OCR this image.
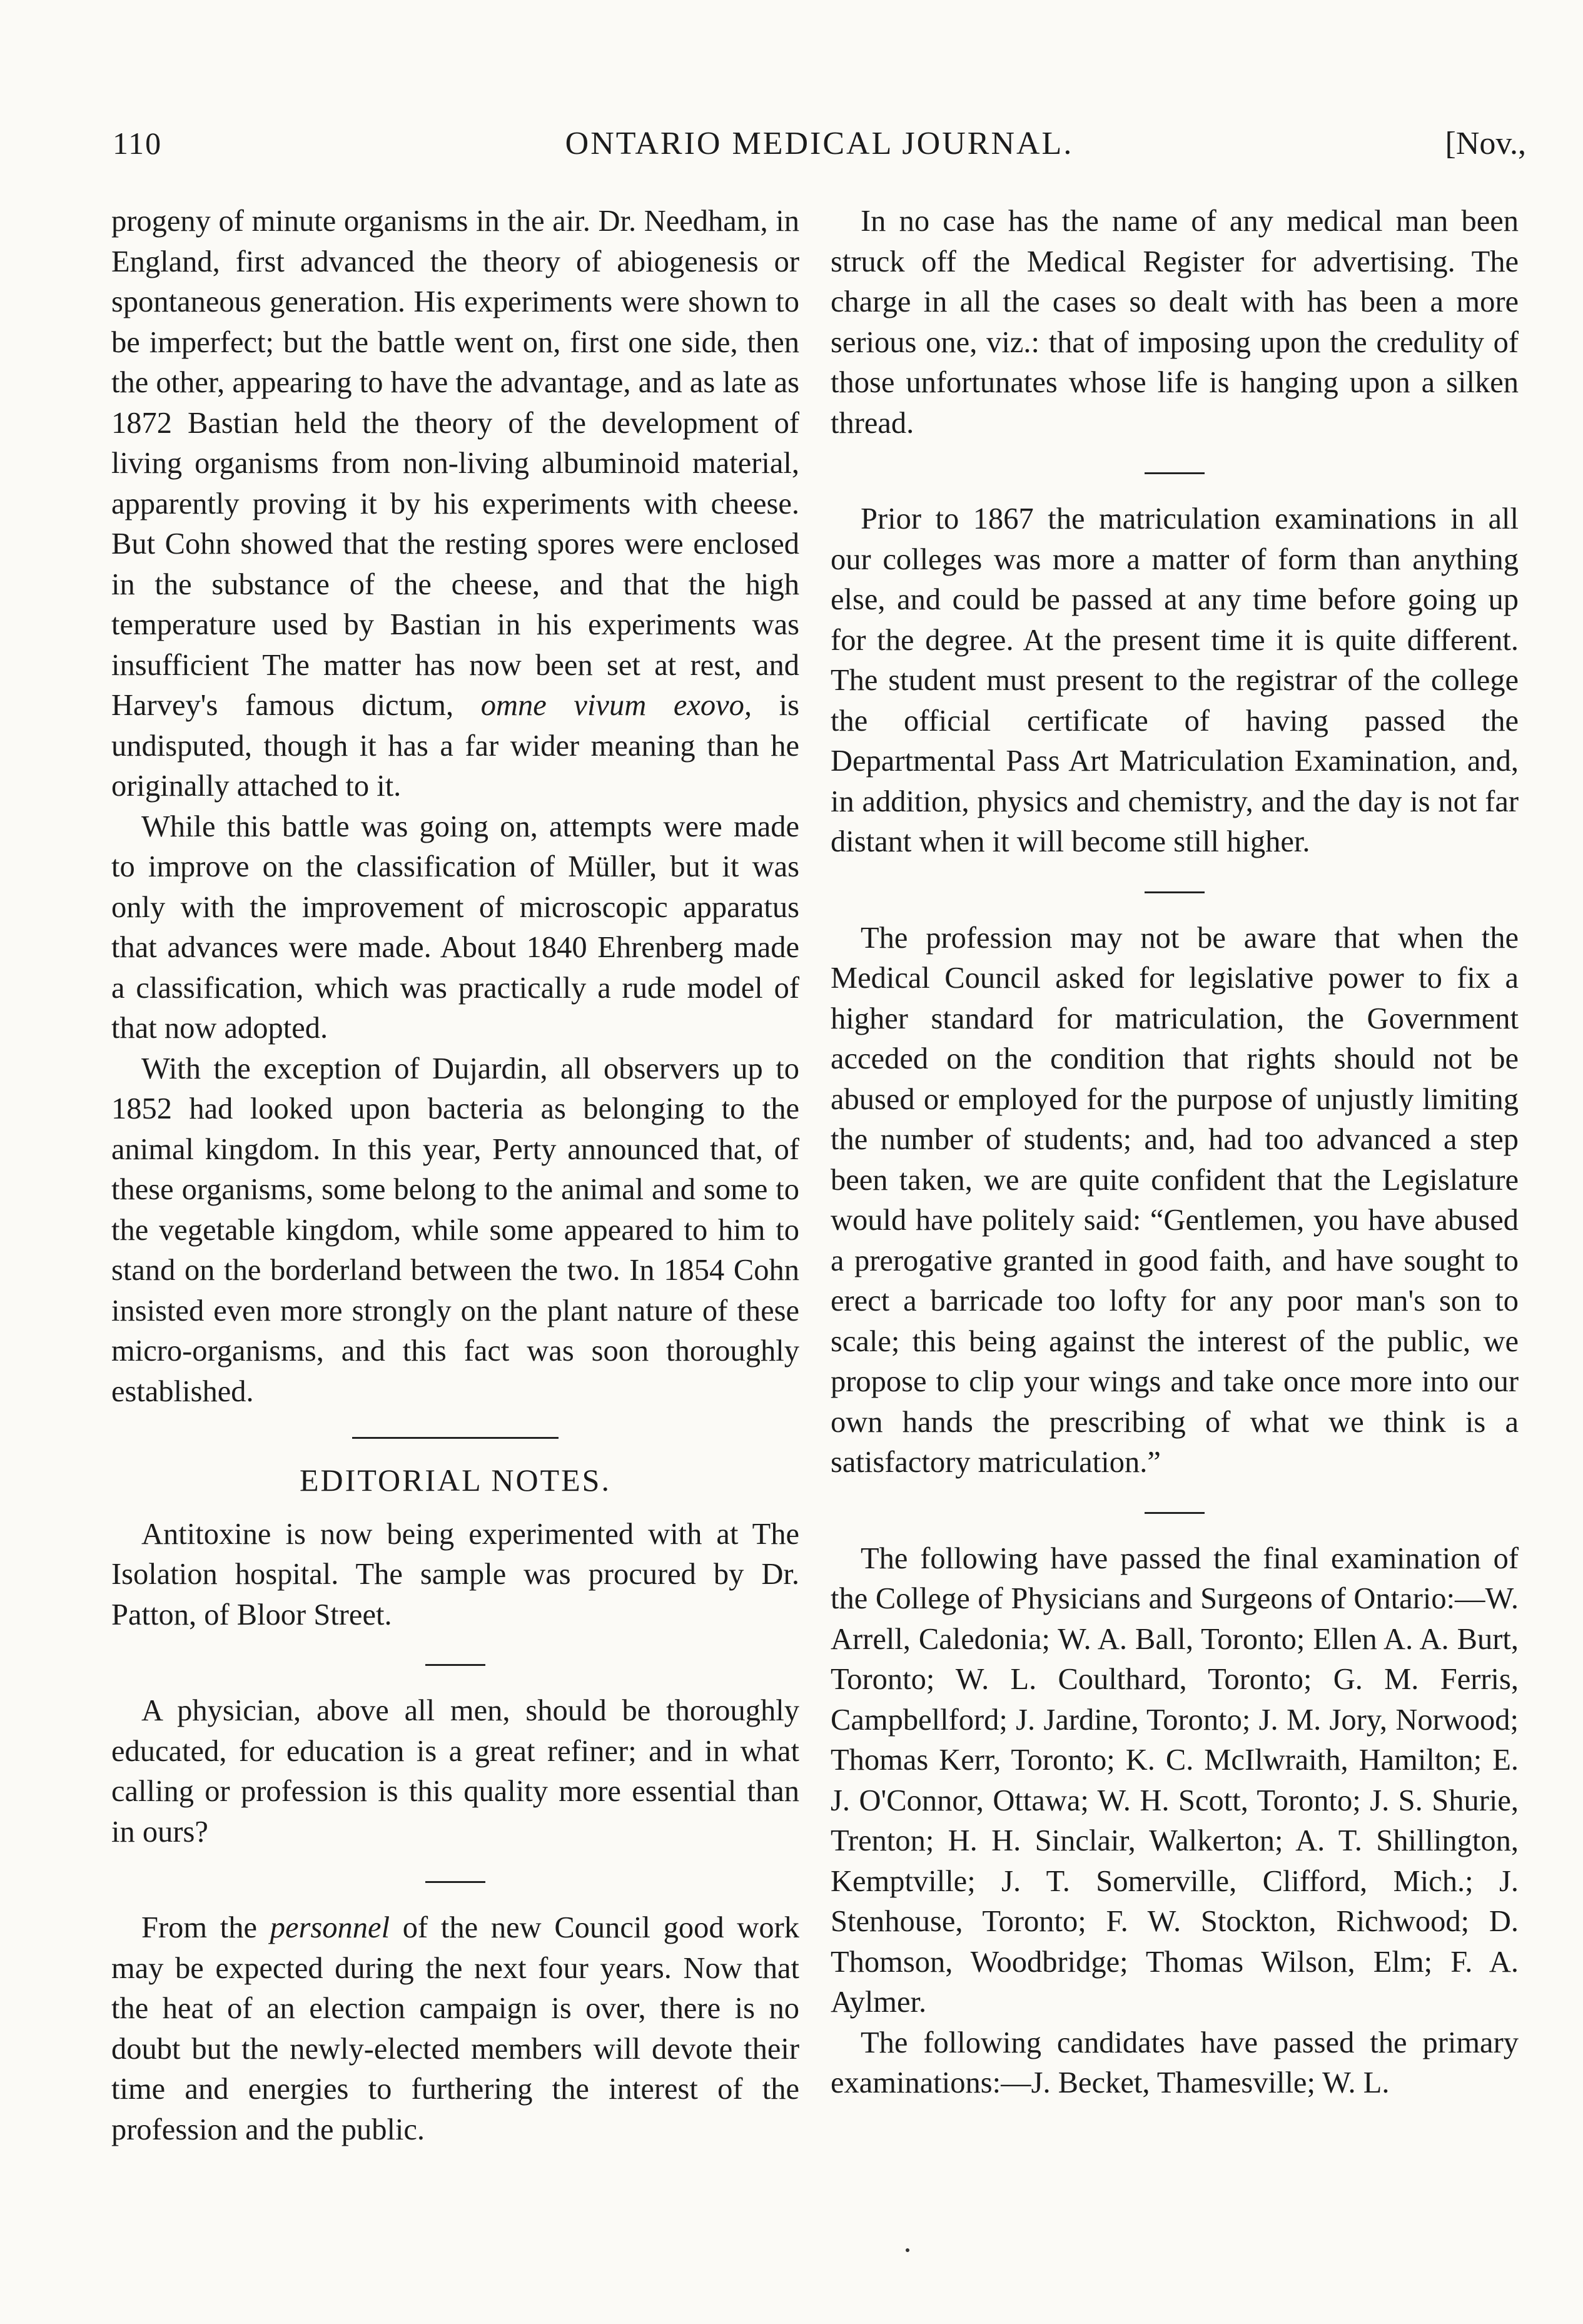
110	ONTARIO MEDICAL JOURNAL.	[Nov.,

progeny of minute organisms in the air. Dr. Needham, in England, first advanced the theory of abiogenesis or spontaneous generation. His experiments were shown to be imperfect; but the battle went on, first one side, then the other, appearing to have the advantage, and as late as 1872 Bastian held the theory of the development of living organisms from non-living albuminoid material, apparently proving it by his experiments with cheese. But Cohn showed that the resting spores were enclosed in the substance of the cheese, and that the high temperature used by Bastian in his experiments was insufficient The matter has now been set at rest, and Harvey's famous dictum, omne vivum exovo, is undisputed, though it has a far wider meaning than he originally attached to it.

While this battle was going on, attempts were made to improve on the classification of Müller, but it was only with the improvement of microscopic apparatus that advances were made. About 1840 Ehrenberg made a classification, which was practically a rude model of that now adopted.

With the exception of Dujardin, all observers up to 1852 had looked upon bacteria as belonging to the animal kingdom. In this year, Perty announced that, of these organisms, some belong to the animal and some to the vegetable kingdom, while some appeared to him to stand on the borderland between the two. In 1854 Cohn insisted even more strongly on the plant nature of these micro-organisms, and this fact was soon thoroughly established.

EDITORIAL NOTES.

Antitoxine is now being experimented with at The Isolation hospital. The sample was procured by Dr. Patton, of Bloor Street.

A physician, above all men, should be thoroughly educated, for education is a great refiner; and in what calling or profession is this quality more essential than in ours?

From the personnel of the new Council good work may be expected during the next four years. Now that the heat of an election campaign is over, there is no doubt but the newly-elected members will devote their time and energies to furthering the interest of the profession and the public.

In no case has the name of any medical man been struck off the Medical Register for advertising. The charge in all the cases so dealt with has been a more serious one, viz.: that of imposing upon the credulity of those unfortunates whose life is hanging upon a silken thread.

Prior to 1867 the matriculation examinations in all our colleges was more a matter of form than anything else, and could be passed at any time before going up for the degree. At the present time it is quite different. The student must present to the registrar of the college the official certificate of having passed the Departmental Pass Art Matriculation Examination, and, in addition, physics and chemistry, and the day is not far distant when it will become still higher.

The profession may not be aware that when the Medical Council asked for legislative power to fix a higher standard for matriculation, the Government acceded on the condition that rights should not be abused or employed for the purpose of unjustly limiting the number of students; and, had too advanced a step been taken, we are quite confident that the Legislature would have politely said: “Gentlemen, you have abused a prerogative granted in good faith, and have sought to erect a barricade too lofty for any poor man's son to scale; this being against the interest of the public, we propose to clip your wings and take once more into our own hands the prescribing of what we think is a satisfactory matriculation.”

The following have passed the final examination of the College of Physicians and Surgeons of Ontario:—W. Arrell, Caledonia; W. A. Ball, Toronto; Ellen A. A. Burt, Toronto; W. L. Coulthard, Toronto; G. M. Ferris, Campbellford; J. Jardine, Toronto; J. M. Jory, Norwood; Thomas Kerr, Toronto; K. C. McIlwraith, Hamilton; E. J. O'Connor, Ottawa; W. H. Scott, Toronto; J. S. Shurie, Trenton; H. H. Sinclair, Walkerton; A. T. Shillington, Kemptville; J. T. Somerville, Clifford, Mich.; J. Stenhouse, Toronto; F. W. Stockton, Richwood; D. Thomson, Woodbridge; Thomas Wilson, Elm; F. A. Aylmer.

The following candidates have passed the primary examinations:—J. Becket, Thamesville; W. L.
